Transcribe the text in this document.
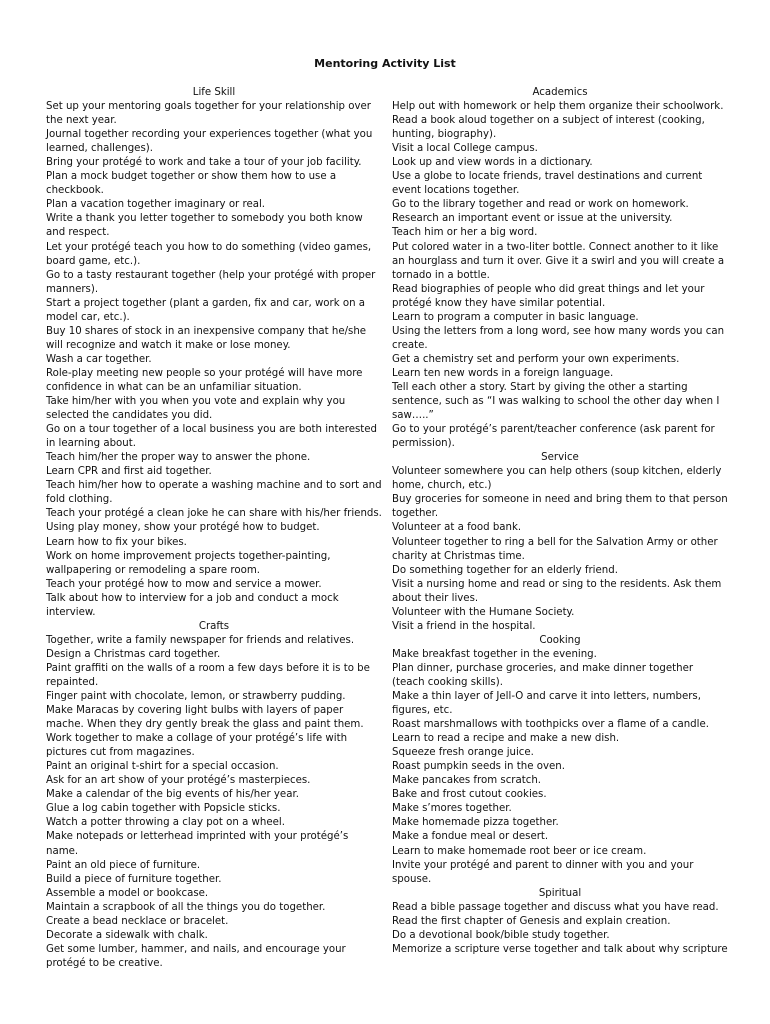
Mentoring Activity List
Life Skill
Set up your mentoring goals together for your relationship over the next year.
Journal together recording your experiences together (what you learned, challenges).
Bring your protégé to work and take a tour of your job facility.
Plan a mock budget together or show them how to use a checkbook.
Plan a vacation together imaginary or real.
Write a thank you letter together to somebody you both know and respect.
Let your protégé teach you how to do something (video games, board game, etc.).
Go to a tasty restaurant together (help your protégé with proper manners).
Start a project together (plant a garden, fix and car, work on a model car, etc.).
Buy 10 shares of stock in an inexpensive company that he/she will recognize and watch it make or lose money.
Wash a car together.
Role-play meeting new people so your protégé will have more confidence in what can be an unfamiliar situation.
Take him/her with you when you vote and explain why you selected the candidates you did.
Go on a tour together of a local business you are both interested in learning about.
Teach him/her the proper way to answer the phone.
Learn CPR and first aid together.
Teach him/her how to operate a washing machine and to sort and fold clothing.
Teach your protégé a clean joke he can share with his/her friends.
Using play money, show your protégé how to budget.
Learn how to fix your bikes.
Work on home improvement projects together-painting, wallpapering or remodeling a spare room.
Teach your protégé how to mow and service a mower.
Talk about how to interview for a job and conduct a mock interview.
Crafts
Together, write a family newspaper for friends and relatives.
Design a Christmas card together.
Paint graffiti on the walls of a room a few days before it is to be repainted.
Finger paint with chocolate, lemon, or strawberry pudding.
Make Maracas by covering light bulbs with layers of paper mache. When they dry gently break the glass and paint them.
Work together to make a collage of your protégé’s life with pictures cut from magazines.
Paint an original t-shirt for a special occasion.
Ask for an art show of your protégé’s masterpieces.
Make a calendar of the big events of his/her year.
Glue a log cabin together with Popsicle sticks.
Watch a potter throwing a clay pot on a wheel.
Make notepads or letterhead imprinted with your protégé’s name.
Paint an old piece of furniture.
Build a piece of furniture together.
Assemble a model or bookcase.
Maintain a scrapbook of all the things you do together.
Create a bead necklace or bracelet.
Decorate a sidewalk with chalk.
Get some lumber, hammer, and nails, and encourage your protégé to be creative.
Academics
Help out with homework or help them organize their schoolwork.
Read a book aloud together on a subject of interest (cooking, hunting, biography).
Visit a local College campus.
Look up and view words in a dictionary.
Use a globe to locate friends, travel destinations and current event locations together.
Go to the library together and read or work on homework.
Research an important event or issue at the university.
Teach him or her a big word.
Put colored water in a two-liter bottle. Connect another to it like an hourglass and turn it over. Give it a swirl and you will create a tornado in a bottle.
Read biographies of people who did great things and let your protégé know they have similar potential.
Learn to program a computer in basic language.
Using the letters from a long word, see how many words you can create.
Get a chemistry set and perform your own experiments.
Learn ten new words in a foreign language.
Tell each other a story. Start by giving the other a starting sentence, such as “I was walking to school the other day when I saw…..”
Go to your protégé’s parent/teacher conference (ask parent for permission).
Service
Volunteer somewhere you can help others (soup kitchen, elderly home, church, etc.)
Buy groceries for someone in need and bring them to that person together.
Volunteer at a food bank.
Volunteer together to ring a bell for the Salvation Army or other charity at Christmas time.
Do something together for an elderly friend.
Visit a nursing home and read or sing to the residents. Ask them about their lives.
Volunteer with the Humane Society.
Visit a friend in the hospital.
Cooking
Make breakfast together in the evening.
Plan dinner, purchase groceries, and make dinner together (teach cooking skills).
Make a thin layer of Jell-O and carve it into letters, numbers, figures, etc.
Roast marshmallows with toothpicks over a flame of a candle.
Learn to read a recipe and make a new dish.
Squeeze fresh orange juice.
Roast pumpkin seeds in the oven.
Make pancakes from scratch.
Bake and frost cutout cookies.
Make s’mores together.
Make homemade pizza together.
Make a fondue meal or desert.
Learn to make homemade root beer or ice cream.
Invite your protégé and parent to dinner with you and your spouse.
Spiritual
Read a bible passage together and discuss what you have read.
Read the first chapter of Genesis and explain creation.
Do a devotional book/bible study together.
Memorize a scripture verse together and talk about why scripture
